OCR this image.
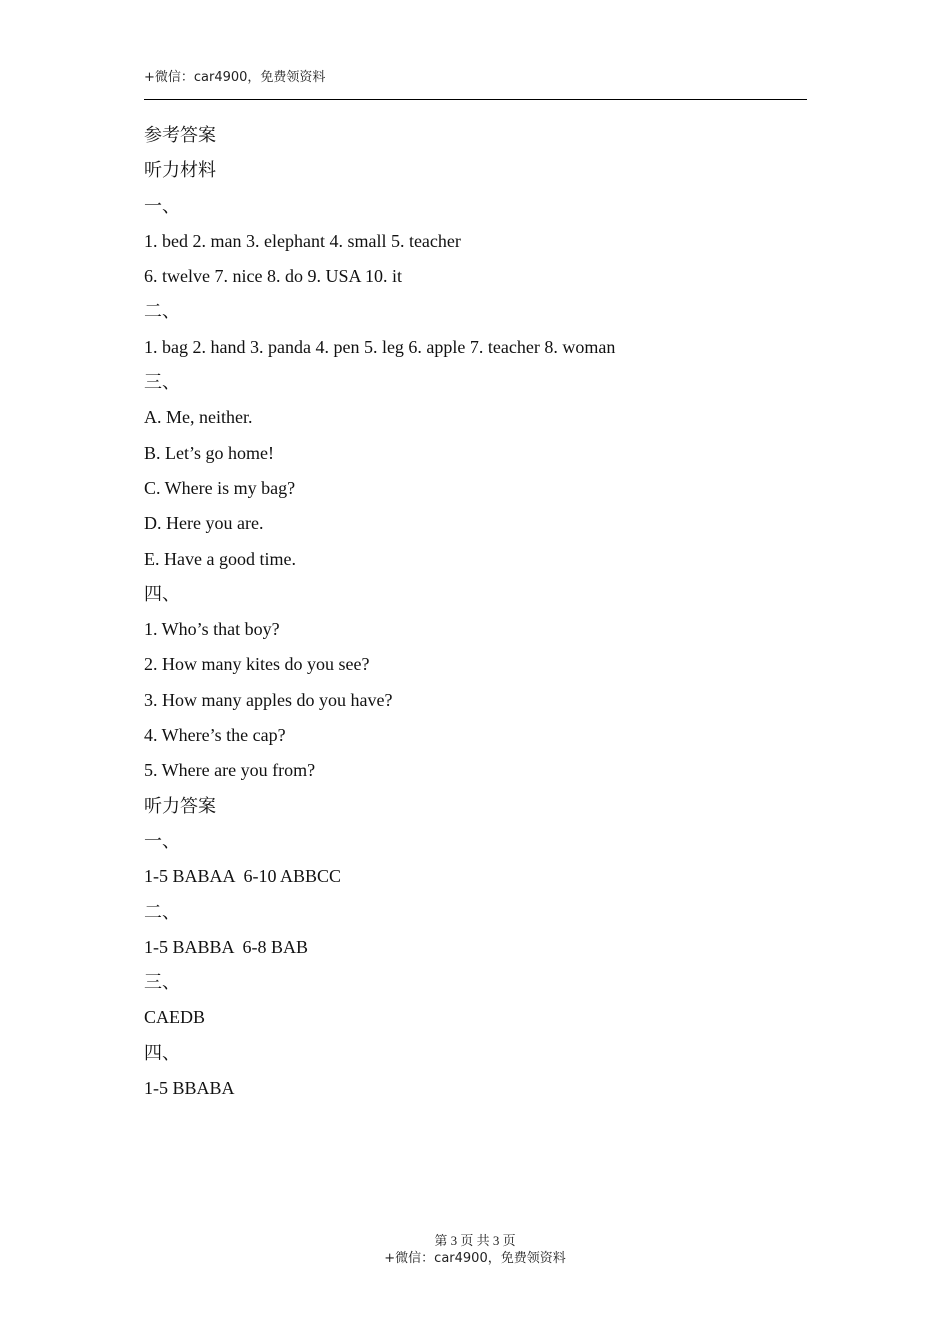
+微信：car4900，免费领资料
参考答案
听力材料
一、
1. bed 2. man 3. elephant 4. small 5. teacher
6. twelve 7. nice 8. do 9. USA 10. it
二、
1. bag 2. hand 3. panda 4. pen 5. leg 6. apple 7. teacher 8. woman
三、
A. Me, neither.
B. Let’s go home!
C. Where is my bag?
D. Here you are.
E. Have a good time.
四、
1. Who’s that boy?
2. How many kites do you see?
3. How many apples do you have?
4. Where’s the cap?
5. Where are you from?
听力答案
一、
1-5 BABAA  6-10 ABBCC
二、
1-5 BABBA  6-8 BAB
三、
CAEDB
四、
1-5 BBABA
第 3 页 共 3 页
+微信：car4900，免费领资料
